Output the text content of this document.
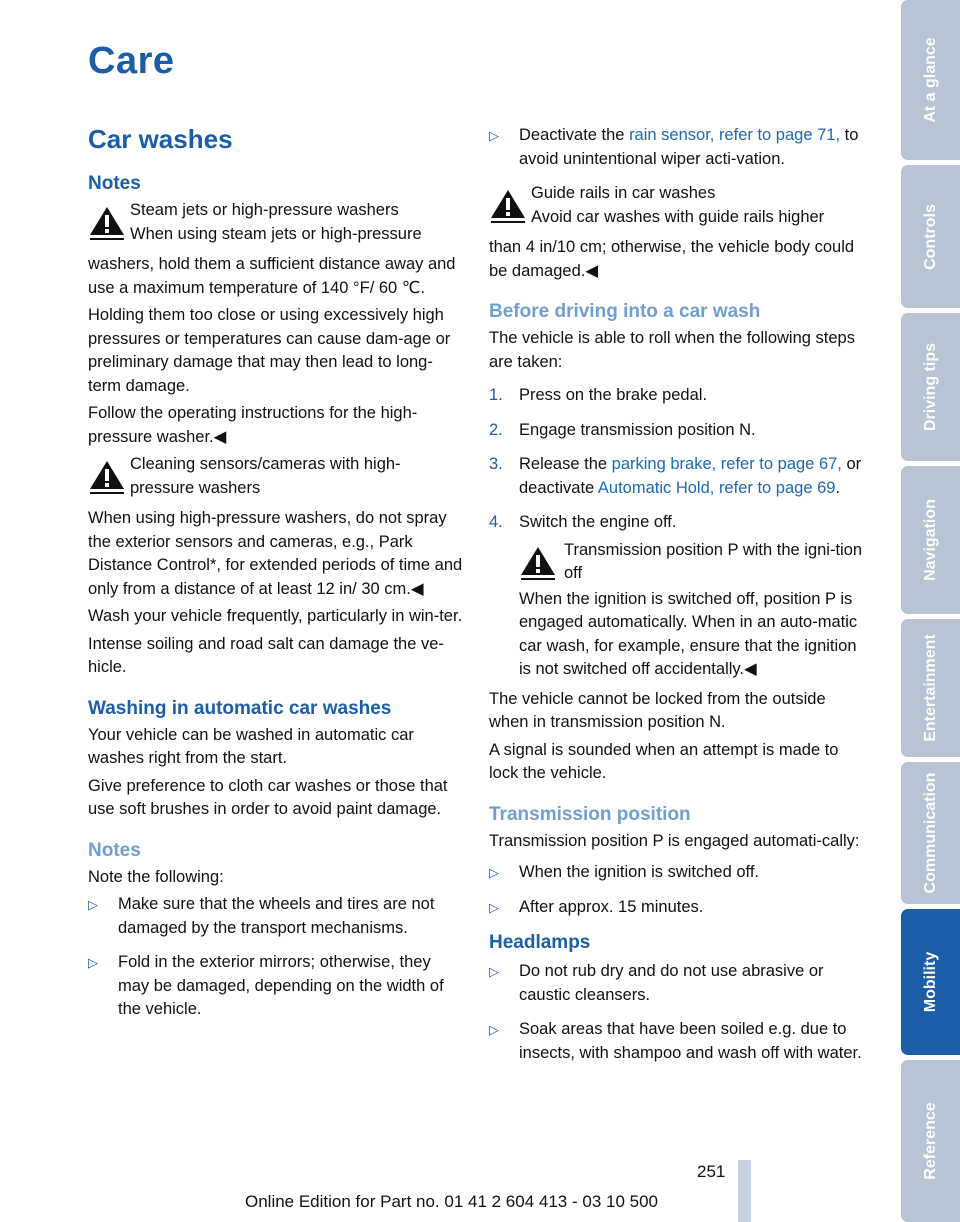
Care
Car washes
Notes
Steam jets or high-pressure washers
When using steam jets or high-pressure

washers, hold them a sufficient distance away and use a maximum temperature of 140 °F/ 60 ℃.

Holding them too close or using excessively high pressures or temperatures can cause dam-age or preliminary damage that may then lead to long-term damage.

Follow the operating instructions for the high-pressure washer.◀

Cleaning sensors/cameras with high-pressure washers

When using high-pressure washers, do not spray the exterior sensors and cameras, e.g., Park Distance Control*, for extended periods of time and only from a distance of at least 12 in/ 30 cm.◀

Wash your vehicle frequently, particularly in win-ter.

Intense soiling and road salt can damage the ve-hicle.

Washing in automatic car washes

Your vehicle can be washed in automatic car washes right from the start.

Give preference to cloth car washes or those that use soft brushes in order to avoid paint damage.

Notes

Note the following:

▷ Make sure that the wheels and tires are not damaged by the transport mechanisms.
▷ Fold in the exterior mirrors; otherwise, they may be damaged, depending on the width of the vehicle.
▷ Deactivate the rain sensor, refer to page 71, to avoid unintentional wiper acti-vation.
Guide rails in car washes
Avoid car washes with guide rails higher

than 4 in/10 cm; otherwise, the vehicle body could be damaged.◀

Before driving into a car wash

The vehicle is able to roll when the following steps are taken:

1. Press on the brake pedal.
2. Engage transmission position N.
3. Release the parking brake, refer to page 67, or deactivate Automatic Hold, refer to page 69.
4. Switch the engine off.
Transmission position P with the igni-tion off

When the ignition is switched off, position P is engaged automatically. When in an auto-matic car wash, for example, ensure that the ignition is not switched off accidentally.◀

The vehicle cannot be locked from the outside when in transmission position N.

A signal is sounded when an attempt is made to lock the vehicle.

Transmission position

Transmission position P is engaged automati-cally:

▷ When the ignition is switched off.
▷ After approx. 15 minutes.
Headlamps
▷ Do not rub dry and do not use abrasive or caustic cleansers.
▷ Soak areas that have been soiled e.g. due to insects, with shampoo and wash off with water.
At a glance
Controls
Driving tips
Navigation
Entertainment
Communication
Mobility
Reference
251
Online Edition for Part no. 01 41 2 604 413 - 03 10 500
